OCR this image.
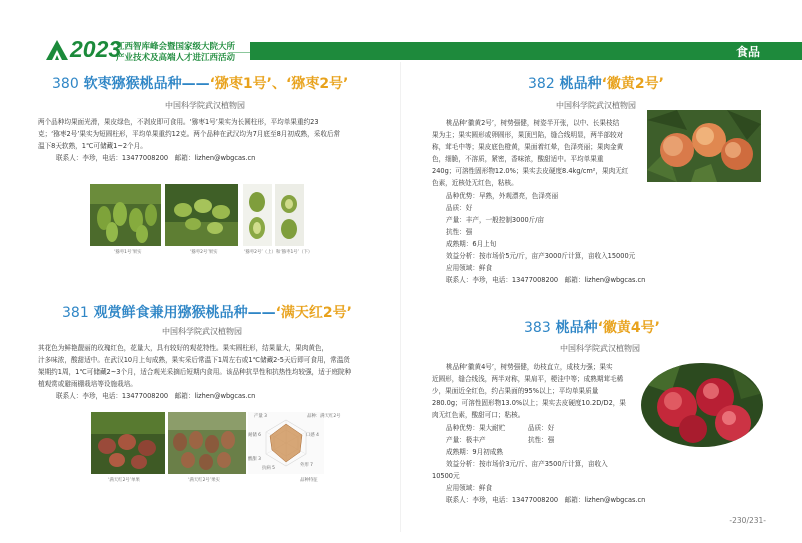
2023
江西智库峰会暨国家级大院大所
产业技术及高端人才进江西活动	食品
380 软枣猕猴桃品种——‘猕枣1号’、‘猕枣2号’
中国科学院武汉植物园
两个品种均果面光滑，果皮绿色，不剥皮即可食用。‘猕枣1号’果实为长圆柱形，平均单果重约23
克；‘猕枣2号’果实为短圆柱形，平均单果重约12克。两个品种在武汉均为7月底至8月初成熟，采收后常
温下8天软熟，1℃可储藏1~2个月。
联系人：李珍，电话：13477008200　邮箱：lizhen@wbgcas.cn
‘猕枣1号’果实	‘猕枣2号’果实	‘猕枣2号’（上）和‘猕枣1号’（下）
381 观赏鲜食兼用猕猴桃品种——‘满天红2号’
中国科学院武汉植物园
其花色为鲜艳靓丽的玫瑰红色，花量大，具有较好的观花特性。果实圆柱形，结果量大，果肉黄色，
汁多味浓，酸甜适中。在武汉10月上旬成熟，果实采后常温下1周左右或1℃储藏2-5天后即可食用，常温货
架期约1周，1℃可储藏2~3个月，适合观光采摘后短期内食用。该品种抗旱性和抗热性均较强，适于庭院种
植观赏或避雨棚栽培等设施栽培。
联系人：李珍，电话：13477008200　邮箱：lizhen@wbgcas.cn
‘满天红2号’单果	‘满天红2号’果实
产量 3	品种：满天红2号
耐储 6	口感 4
酸甜 3
外形 7
抗病 5
品种特征
382 桃品种‘徽黄2号’
中国科学院武汉植物园
桃品种‘徽黄2号’，树势强健，树姿半开张，以中、长果枝结
果为主；果实圆形或卵圆形，果顶凹陷，缝合线明显，两半部较对
称，茸毛中等；果皮底色橙黄，果面着红晕，色泽亮丽；果肉金黄
色，细脆，不溶质，紧密，香味浓，酸甜适中。平均单果重
240g；可溶性固形物12.0%；果实去皮硬度8.4kg/cm²，果肉无红
色素，近核处无红色，粘核。
品种优势：早熟，外观漂亮，色泽亮丽
品质：好
产量：丰产，一般控制3000斤/亩
抗性：强
成熟期：6月上旬
效益分析：按市场价5元/斤，亩产3000斤计算，亩收入15000元
应用领域：鲜食
联系人：李珍，电话：13477008200　邮箱：lizhen@wbgcas.cn
383 桃品种‘徽黄4号’
中国科学院武汉植物园
桃品种‘徽黄4号’，树势强健，幼枝直立，成枝力强；果实
近圆形，缝合线浅，两半对称，果肩平，梗洼中等；成熟期茸毛稀
少，果面近全红色，约占果面的95%以上；平均单果质量
280.0g；可溶性固形物13.0%以上；果实去皮硬度10.2D/D2，果
肉无红色素，酸甜可口；粘核。
品种优势：果大耐贮	品质：好
产量：极丰产	抗性：强
成熟期：9月初成熟
效益分析：按市场价3元/斤、亩产3500斤计算，亩收入
10500元
应用领域：鲜食
联系人：李珍，电话：13477008200　邮箱：lizhen@wbgcas.cn
-230/231-
